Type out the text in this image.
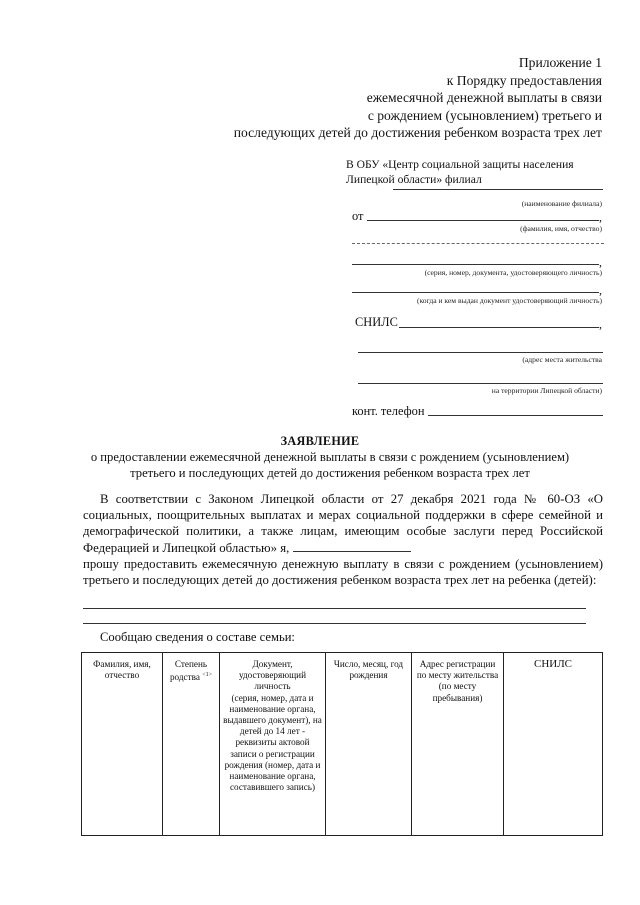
Приложение 1
к Порядку предоставления
ежемесячной денежной выплаты в связи
с рождением (усыновлением) третьего и
последующих детей до достижения ребенком возраста трех лет
В ОБУ «Центр социальной защиты населения
Липецкой области» филиал
(наименование филиала)
от	,
(фамилия, имя, отчество)
,
(серия, номер, документа, удостоверяющего личность)
,
(когда и кем выдан документ удостоверяющий личность)
СНИЛС	,
(адрес места жительства
на территории Липецкой области)
конт. телефон
ЗАЯВЛЕНИЕ
о предоставлении ежемесячной денежной выплаты в связи с рождением (усыновлением)
третьего и последующих детей до достижения ребенком возраста трех лет

В соответствии с Законом Липецкой области от 27 декабря 2021 года № 60-ОЗ «О социальных, поощрительных выплатах и мерах социальной поддержки в сфере семейной и демографической политики, а также лицам, имеющим особые заслуги перед Российской Федерацией и Липецкой областью» я,

прошу предоставить ежемесячную денежную выплату в связи с рождением (усыновлением) третьего и последующих детей до достижения ребенком возраста трех лет на ребенка (детей):

Сообщаю сведения о составе семьи:
Фамилия, имя, отчество	Степень родства $^{<1>}$	Документ, удостоверяющий личность
(серия, номер, дата и наименование органа, выдавшего документ), на детей до 14 лет - реквизиты актовой записи о регистрации рождения (номер, дата и наименование органа, составившего запись)	Число, месяц, год рождения	Адрес регистрации по месту жительства (по месту пребывания)	СНИЛС
